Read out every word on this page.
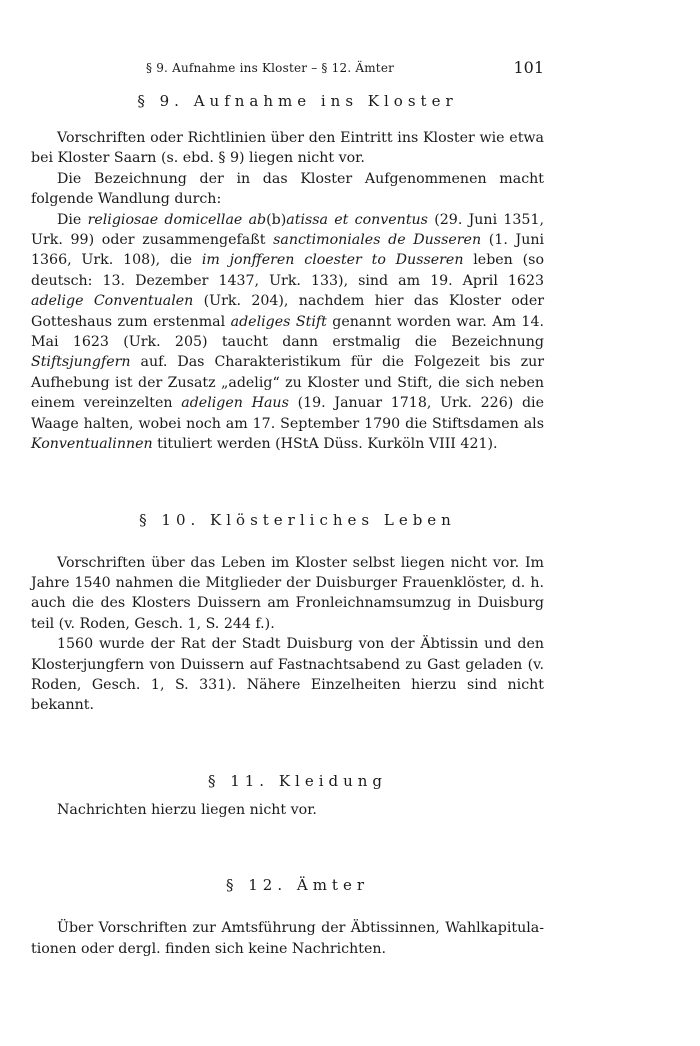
§ 9. Aufnahme ins Kloster – § 12. Ämter	101
§ 9. Aufnahme ins Kloster

Vorschriften oder Richtlinien über den Eintritt ins Kloster wie etwa bei Kloster Saarn (s. ebd. § 9) liegen nicht vor.

Die Bezeichnung der in das Kloster Aufgenommenen macht folgende Wandlung durch:

Die religiosae domicellae ab(b)atissa et conventus (29. Juni 1351, Urk. 99) oder zusammengefaßt sanctimoniales de Dusseren (1. Juni 1366, Urk. 108), die im jonfferen cloester to Dusseren leben (so deutsch: 13. Dezember 1437, Urk. 133), sind am 19. April 1623 adelige Conventualen (Urk. 204), nachdem hier das Kloster oder Gotteshaus zum erstenmal adeliges Stift genannt worden war. Am 14. Mai 1623 (Urk. 205) taucht dann erstmalig die Bezeichnung Stiftsjungfern auf. Das Charakteristikum für die Folgezeit bis zur Aufhebung ist der Zusatz „adelig“ zu Kloster und Stift, die sich neben einem vereinzelten adeligen Haus (19. Januar 1718, Urk. 226) die Waage halten, wobei noch am 17. September 1790 die Stiftsdamen als Konventualinnen tituliert werden (HStA Düss. Kurköln VIII 421).

§ 10. Klösterliches Leben

Vorschriften über das Leben im Kloster selbst liegen nicht vor. Im Jahre 1540 nahmen die Mitglieder der Duisburger Frauenklöster, d. h. auch die des Klosters Duissern am Fronleichnamsumzug in Duisburg teil (v. Roden, Gesch. 1, S. 244 f.).

1560 wurde der Rat der Stadt Duisburg von der Äbtissin und den Klosterjungfern von Duissern auf Fastnachtsabend zu Gast geladen (v. Roden, Gesch. 1, S. 331). Nähere Einzelheiten hierzu sind nicht bekannt.

§ 11. Kleidung

Nachrichten hierzu liegen nicht vor.

§ 12. Ämter

Über Vorschriften zur Amtsführung der Äbtissinnen, Wahlkapitulationen oder dergl. finden sich keine Nachrichten.
